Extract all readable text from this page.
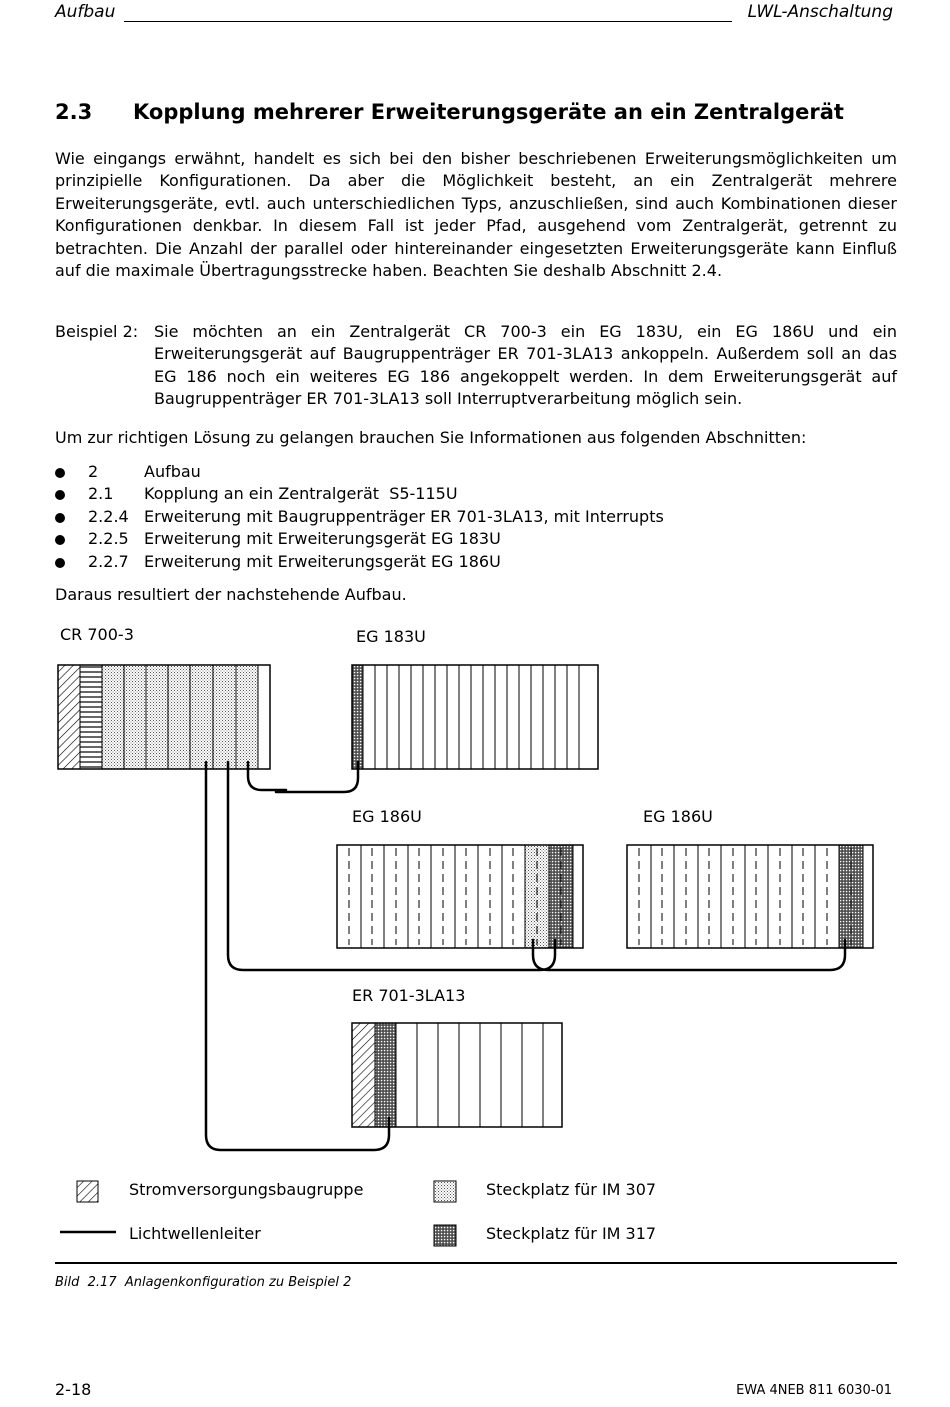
Aufbau	LWL-Anschaltung
2.3 Kopplung mehrerer Erweiterungsgeräte an ein Zentralgerät

Wie eingangs erwähnt, handelt es sich bei den bisher beschriebenen Erweiterungsmöglichkeiten um prinzipielle Konfigurationen. Da aber die Möglichkeit besteht, an ein Zentralgerät mehrere Erweiterungsgeräte, evtl. auch unterschiedlichen Typs, anzuschließen, sind auch Kombinationen dieser Konfigurationen denkbar. In diesem Fall ist jeder Pfad, ausgehend vom Zentralgerät, getrennt zu betrachten. Die Anzahl der parallel oder hintereinander eingesetzten Erweiterungsgeräte kann Einfluß auf die maximale Übertragungsstrecke haben. Beachten Sie deshalb Abschnitt 2.4.

Beispiel 2: Sie möchten an ein Zentralgerät CR 700-3 ein EG 183U, ein EG 186U und ein Erweiterungsgerät auf Baugruppenträger ER 701-3LA13 ankoppeln. Außerdem soll an das EG 186 noch ein weiteres EG 186 angekoppelt werden. In dem Erweiterungsgerät auf Baugruppenträger ER 701-3LA13 soll Interruptverarbeitung möglich sein.

Um zur richtigen Lösung zu gelangen brauchen Sie Informationen aus folgenden Abschnitten:

2	Aufbau
2.1 Kopplung an ein Zentralgerät  S5-115U
2.2.4 Erweiterung mit Baugruppenträger ER 701-3LA13, mit Interrupts
2.2.5 Erweiterung mit Erweiterungsgerät EG 183U
2.2.7 Erweiterung mit Erweiterungsgerät EG 186U

Daraus resultiert der nachstehende Aufbau.

CR 700-3	EG 183U
EG 186U	EG 186U
ER 701-3LA13
Stromversorgungsbaugruppe
Lichtwellenleiter
Steckplatz für IM 307
Steckplatz für IM 317
Bild  2.17  Anlagenkonfiguration zu Beispiel 2
2-18	EWA 4NEB 811 6030-01
